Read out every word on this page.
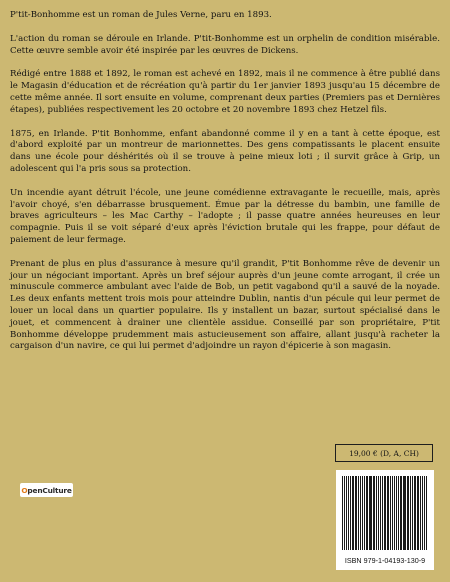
P'tit-Bonhomme est un roman de Jules Verne, paru en 1893.

L'action du roman se déroule en Irlande. P'tit-Bonhomme est un orphelin de condition misérable. Cette œuvre semble avoir été inspirée par les œuvres de Dickens.

Rédigé entre 1888 et 1892, le roman est achevé en 1892, mais il ne commence à être publié dans le Magasin d'éducation et de récréation qu'à partir du 1er janvier 1893 jusqu'au 15 décembre de cette même année. Il sort ensuite en volume, comprenant deux parties (Premiers pas et Dernières étapes), publiées respectivement les 20 octobre et 20 novembre 1893 chez Hetzel fils.

1875, en Irlande. P'tit Bonhomme, enfant abandonné comme il y en a tant à cette époque, est d'abord exploité par un montreur de marionnettes. Des gens compatissants le placent ensuite dans une école pour déshérités où il se trouve à peine mieux loti ; il survit grâce à Grip, un adolescent qui l'a pris sous sa protection.

Un incendie ayant détruit l'école, une jeune comédienne extravagante le recueille, mais, après l'avoir choyé, s'en débarrasse brusquement. Émue par la détresse du bambin, une famille de braves agriculteurs – les Mac Carthy – l'adopte ; il passe quatre années heureuses en leur compagnie. Puis il se voit séparé d'eux après l'éviction brutale qui les frappe, pour défaut de paiement de leur fermage.

Prenant de plus en plus d'assurance à mesure qu'il grandit, P'tit Bonhomme rêve de devenir un jour un négociant important. Après un bref séjour auprès d'un jeune comte arrogant, il crée un minuscule commerce ambulant avec l'aide de Bob, un petit vagabond qu'il a sauvé de la noyade. Les deux enfants mettent trois mois pour atteindre Dublin, nantis d'un pécule qui leur permet de louer un local dans un quartier populaire. Ils y installent un bazar, surtout spécialisé dans le jouet, et commencent à drainer une clientèle assidue. Conseillé par son propriétaire, P'tit Bonhomme développe prudemment mais astucieusement son affaire, allant jusqu'à racheter la cargaison d'un navire, ce qui lui permet d'adjoindre un rayon d'épicerie à son magasin.

19,00 € (D, A, CH)
O penCulture
ISBN 979-1-04193-130-9
